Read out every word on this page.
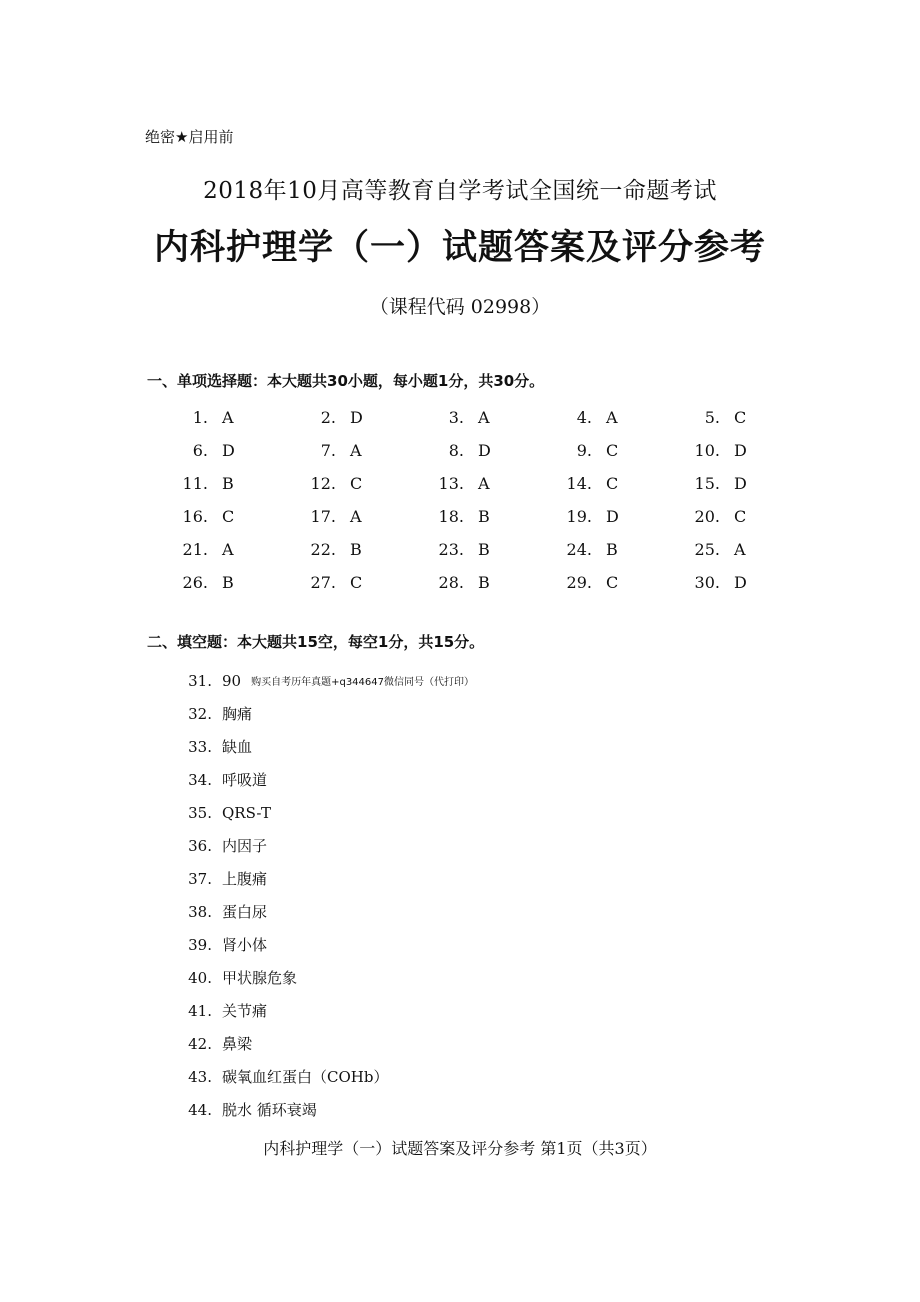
绝密★启用前
2018年10月高等教育自学考试全国统一命题考试
内科护理学（一）试题答案及评分参考
（课程代码 02998）
一、单项选择题：本大题共30小题，每小题1分，共30分。
1. A	2. D	3. A	4. A	5. C
6. D	7. A	8. D	9. C	10. D
11. B	12. C	13. A	14. C	15. D
16. C	17. A	18. B	19. D	20. C
21. A	22. B	23. B	24. B	25. A
26. B	27. C	28. B	29. C	30. D
二、填空题：本大题共15空，每空1分，共15分。
31. 90 购买自考历年真题+q344647微信同号（代打印）
32. 胸痛
33. 缺血
34. 呼吸道
35. QRS-T
36. 内因子
37. 上腹痛
38. 蛋白尿
39. 肾小体
40. 甲状腺危象
41. 关节痛
42. 鼻梁
43. 碳氧血红蛋白（COHb）
44. 脱水 循环衰竭
内科护理学（一）试题答案及评分参考 第1页（共3页）
